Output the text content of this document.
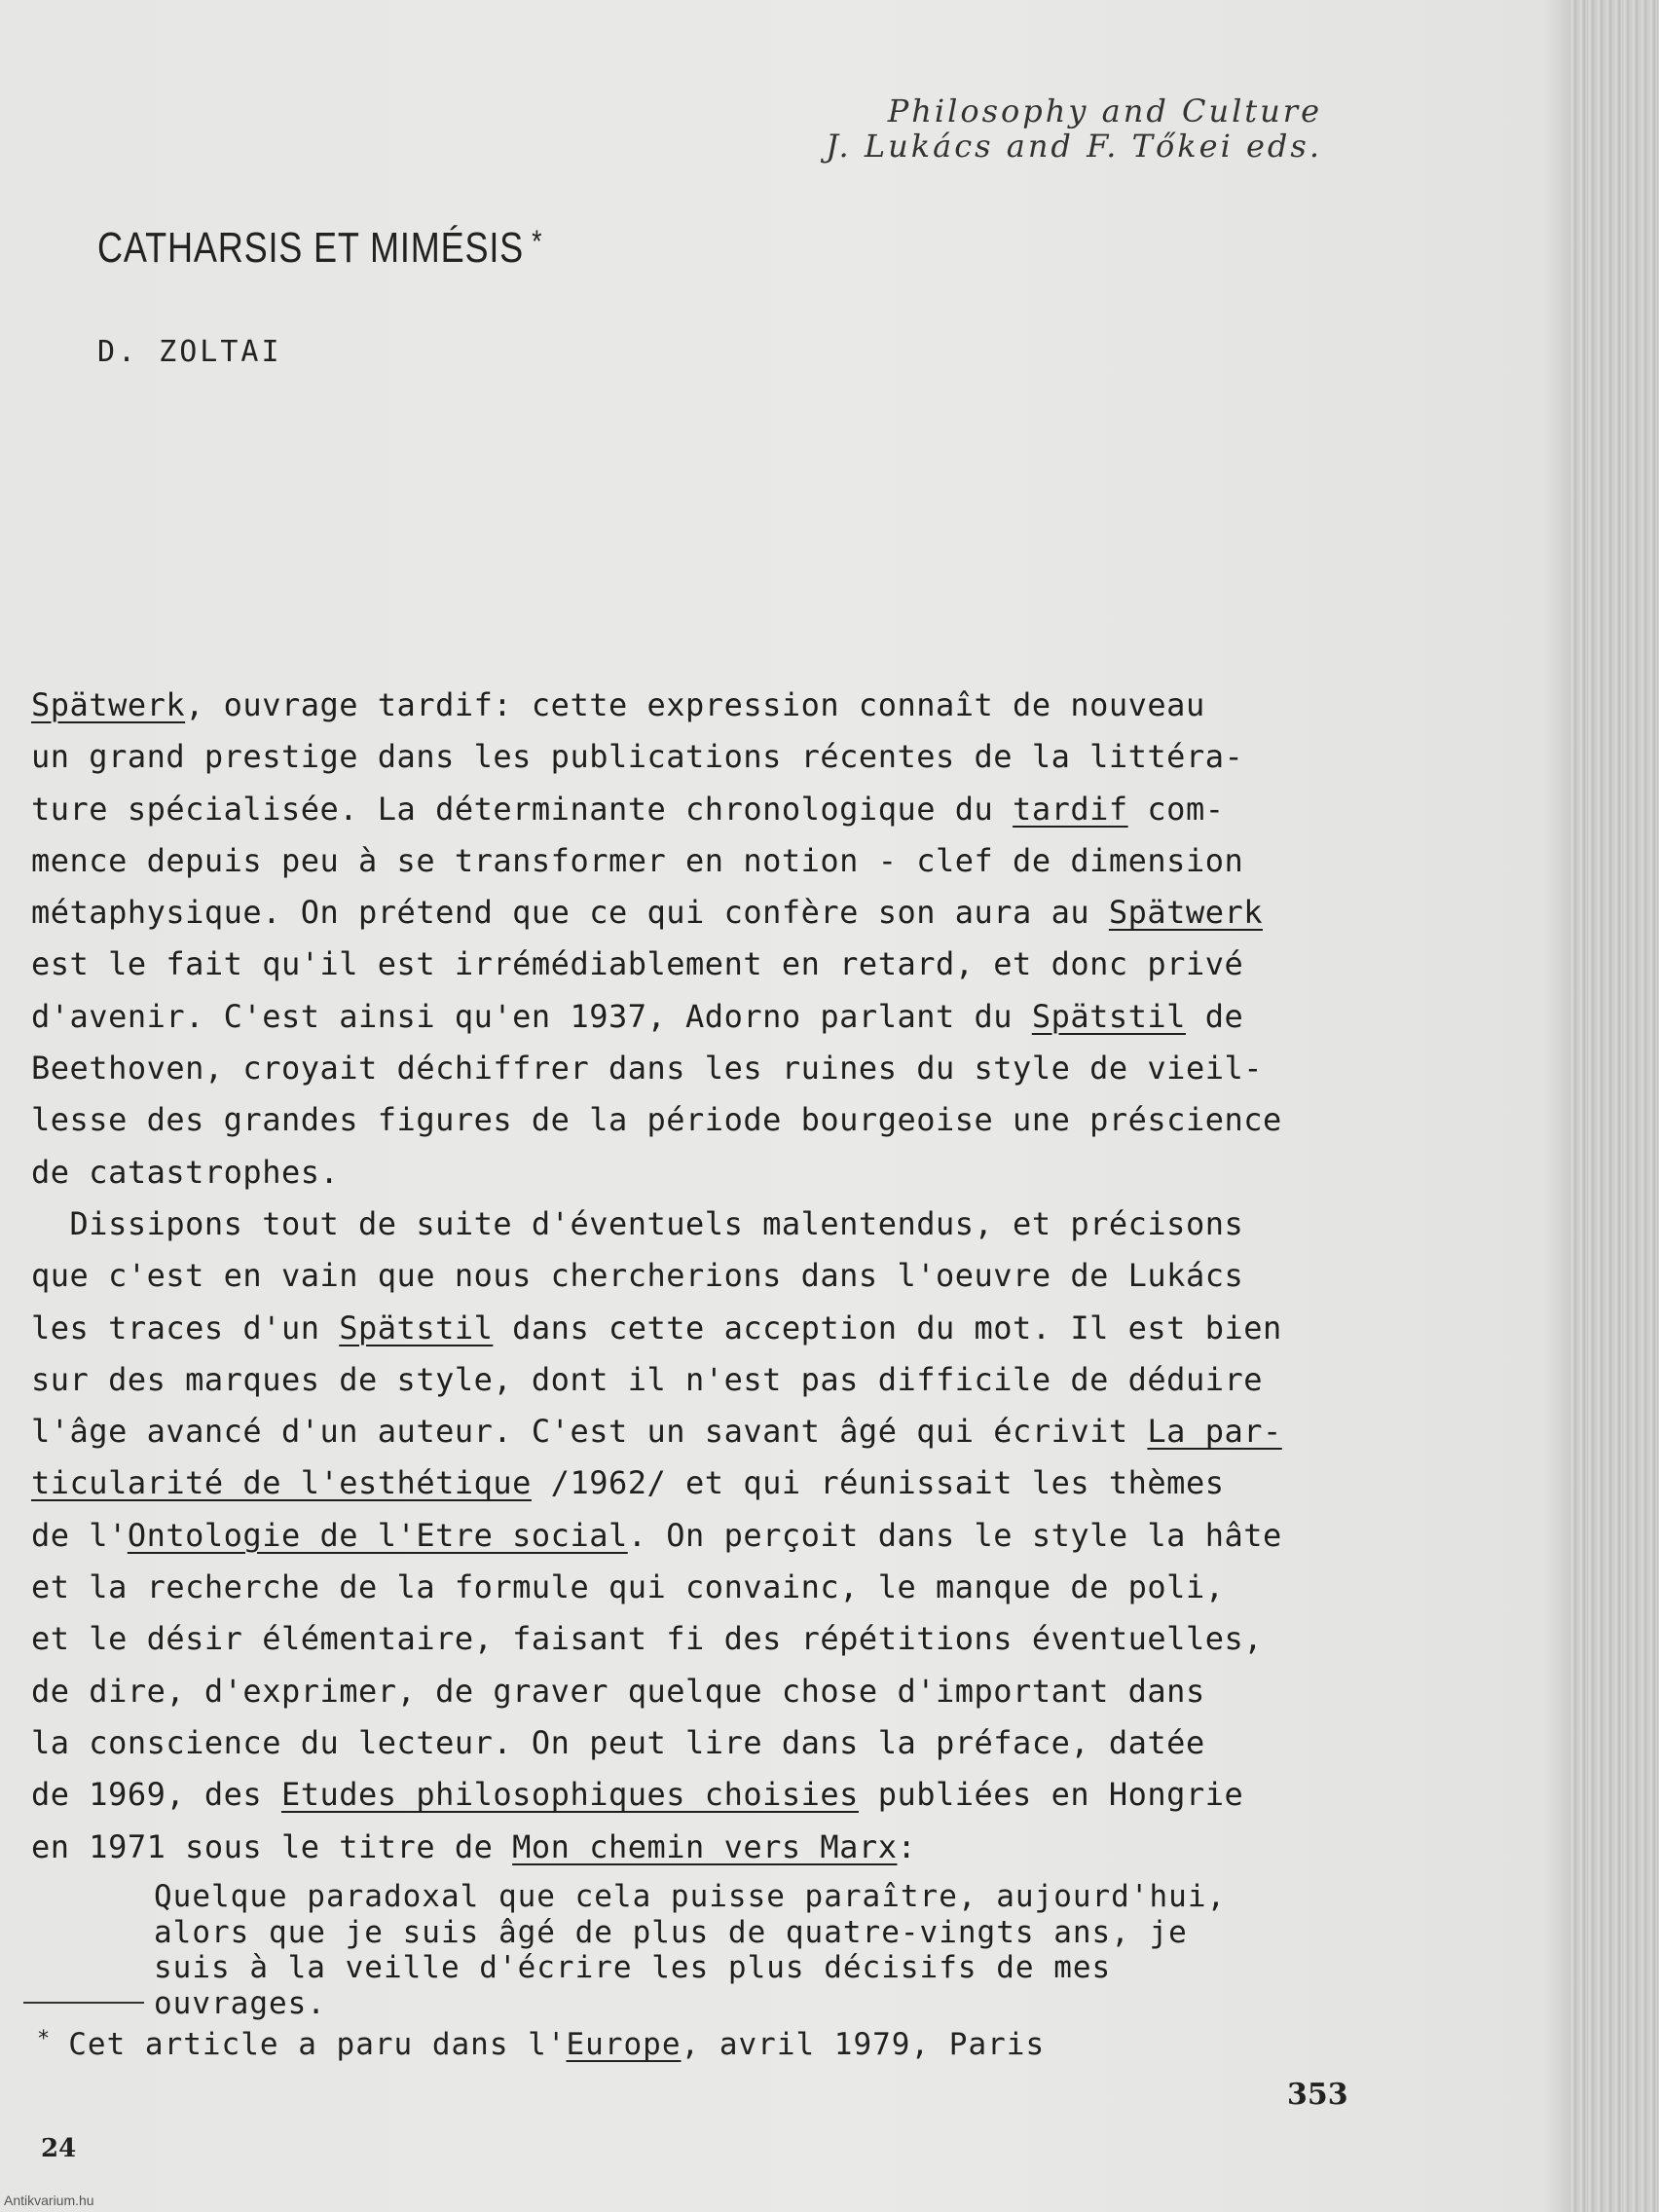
Philosophy and Culture
J. Lukács and F. Tőkei eds.
CATHARSIS ET MIMÉSIS *
D. ZOLTAI
Spätwerk, ouvrage tardif: cette expression connaît de nouveau
un grand prestige dans les publications récentes de la littéra-
ture spécialisée. La déterminante chronologique du tardif com-
mence depuis peu à se transformer en notion - clef de dimension
métaphysique. On prétend que ce qui confère son aura au Spätwerk
est le fait qu'il est irrémédiablement en retard, et donc privé
d'avenir. C'est ainsi qu'en 1937, Adorno parlant du Spätstil de
Beethoven, croyait déchiffrer dans les ruines du style de vieil-
lesse des grandes figures de la période bourgeoise une préscience
de catastrophes.
Dissipons tout de suite d'éventuels malentendus, et précisons
que c'est en vain que nous chercherions dans l'oeuvre de Lukács
les traces d'un Spätstil dans cette acception du mot. Il est bien
sur des marques de style, dont il n'est pas difficile de déduire
l'âge avancé d'un auteur. C'est un savant âgé qui écrivit La par-
ticularité de l'esthétique /1962/ et qui réunissait les thèmes
de l'Ontologie de l'Etre social. On perçoit dans le style la hâte
et la recherche de la formule qui convainc, le manque de poli,
et le désir élémentaire, faisant fi des répétitions éventuelles,
de dire, d'exprimer, de graver quelque chose d'important dans
la conscience du lecteur. On peut lire dans la préface, datée
de 1969, des Etudes philosophiques choisies publiées en Hongrie
en 1971 sous le titre de Mon chemin vers Marx:
Quelque paradoxal que cela puisse paraître, aujourd'hui,
alors que je suis âgé de plus de quatre-vingts ans, je
suis à la veille d'écrire les plus décisifs de mes
ouvrages.
* Cet article a paru dans l'Europe, avril 1979, Paris
353
24
Antikvarium.hu
